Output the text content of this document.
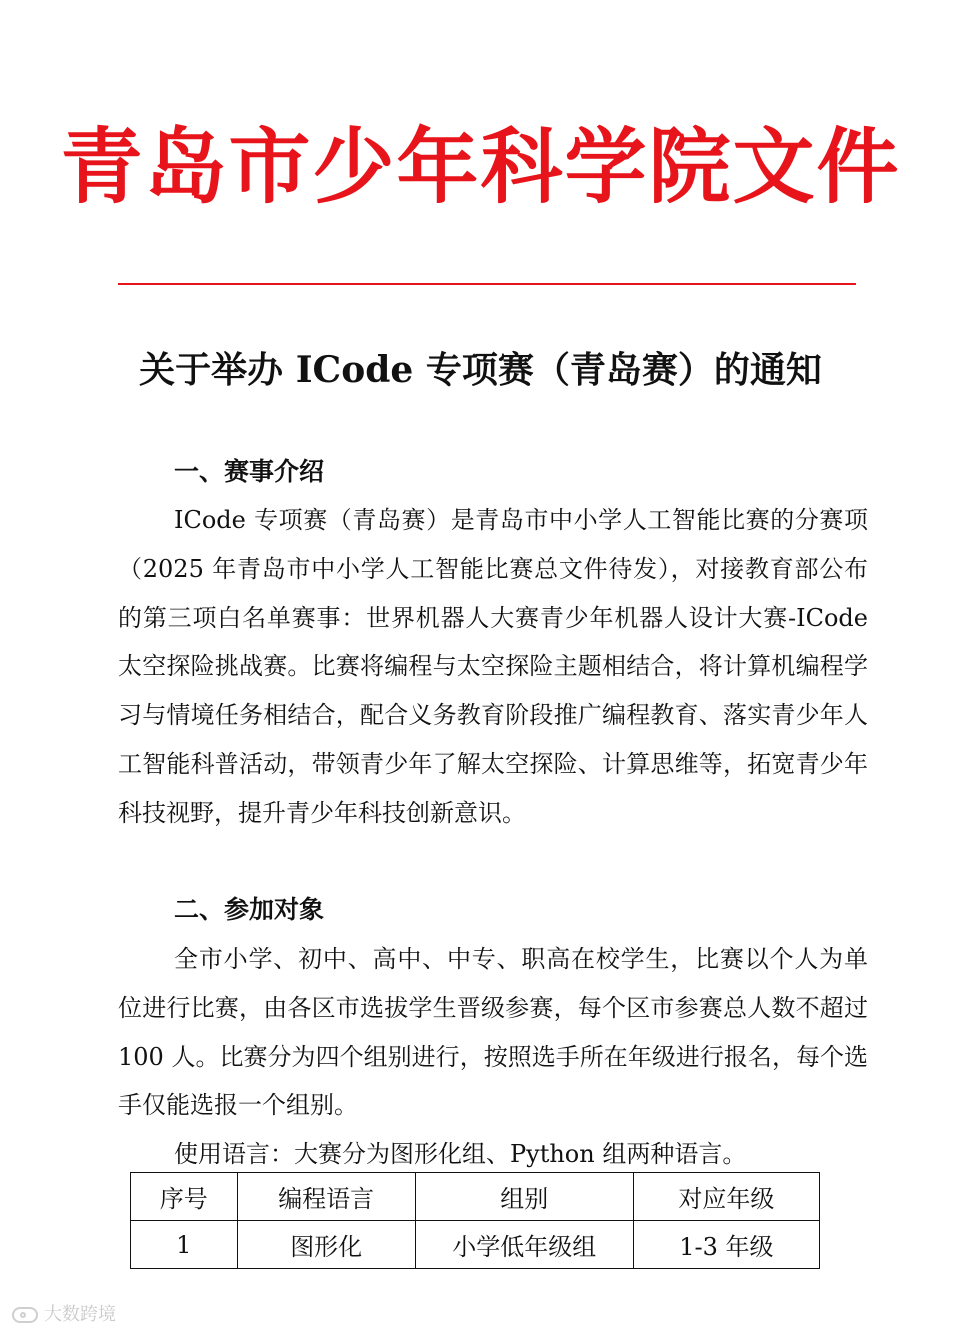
青岛市少年科学院文件
关于举办 ICode 专项赛（青岛赛）的通知
一、赛事介绍

ICode 专项赛（青岛赛）是青岛市中小学人工智能比赛的分赛项（2025 年青岛市中小学人工智能比赛总文件待发），对接教育部公布的第三项白名单赛事：世界机器人大赛青少年机器人设计大赛-ICode 太空探险挑战赛。比赛将编程与太空探险主题相结合，将计算机编程学习与情境任务相结合，配合义务教育阶段推广编程教育、落实青少年人工智能科普活动，带领青少年了解太空探险、计算思维等，拓宽青少年科技视野，提升青少年科技创新意识。

二、参加对象

全市小学、初中、高中、中专、职高在校学生，比赛以个人为单位进行比赛，由各区市选拔学生晋级参赛，每个区市参赛总人数不超过 100 人。比赛分为四个组别进行，按照选手所在年级进行报名，每个选手仅能选报一个组别。

使用语言：大赛分为图形化组、Python 组两种语言。

序号	编程语言	组别	对应年级
1	图形化	小学低年级组	1-3 年级
大数跨境
